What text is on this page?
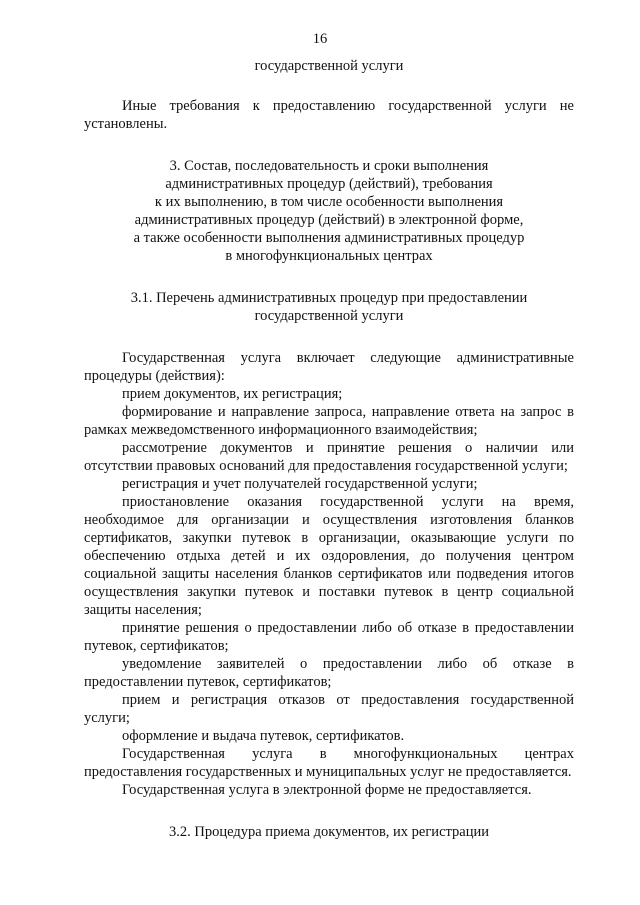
16

государственной услуги

Иные требования к предоставлению государственной услуги не установлены.

3. Состав, последовательность и сроки выполнения

административных процедур (действий), требования

к их выполнению, в том числе особенности выполнения

административных процедур (действий) в электронной форме,

а также особенности выполнения административных процедур

в многофункциональных центрах

3.1. Перечень административных процедур при предоставлении

государственной услуги

Государственная услуга включает следующие административные процедуры (действия):

прием документов, их регистрация;

формирование и направление запроса, направление ответа на запрос в рамках межведомственного информационного взаимодействия;

рассмотрение документов и принятие решения о наличии или отсутствии правовых оснований для предоставления государственной услуги;

регистрация и учет получателей государственной услуги;

приостановление оказания государственной услуги на время, необходимое для организации и осуществления изготовления бланков сертификатов, закупки путевок в организации, оказывающие услуги по обеспечению отдыха детей и их оздоровления, до получения центром социальной защиты населения бланков сертификатов или подведения итогов осуществления закупки путевок и поставки путевок в центр социальной защиты населения;

принятие решения о предоставлении либо об отказе в предоставлении путевок, сертификатов;

уведомление заявителей о предоставлении либо об отказе в предоставлении путевок, сертификатов;

прием и регистрация отказов от предоставления государственной услуги;

оформление и выдача путевок, сертификатов.

Государственная услуга в многофункциональных центрах предоставления государственных и муниципальных услуг не предоставляется.

Государственная услуга в электронной форме не предоставляется.

3.2. Процедура приема документов, их регистрации
